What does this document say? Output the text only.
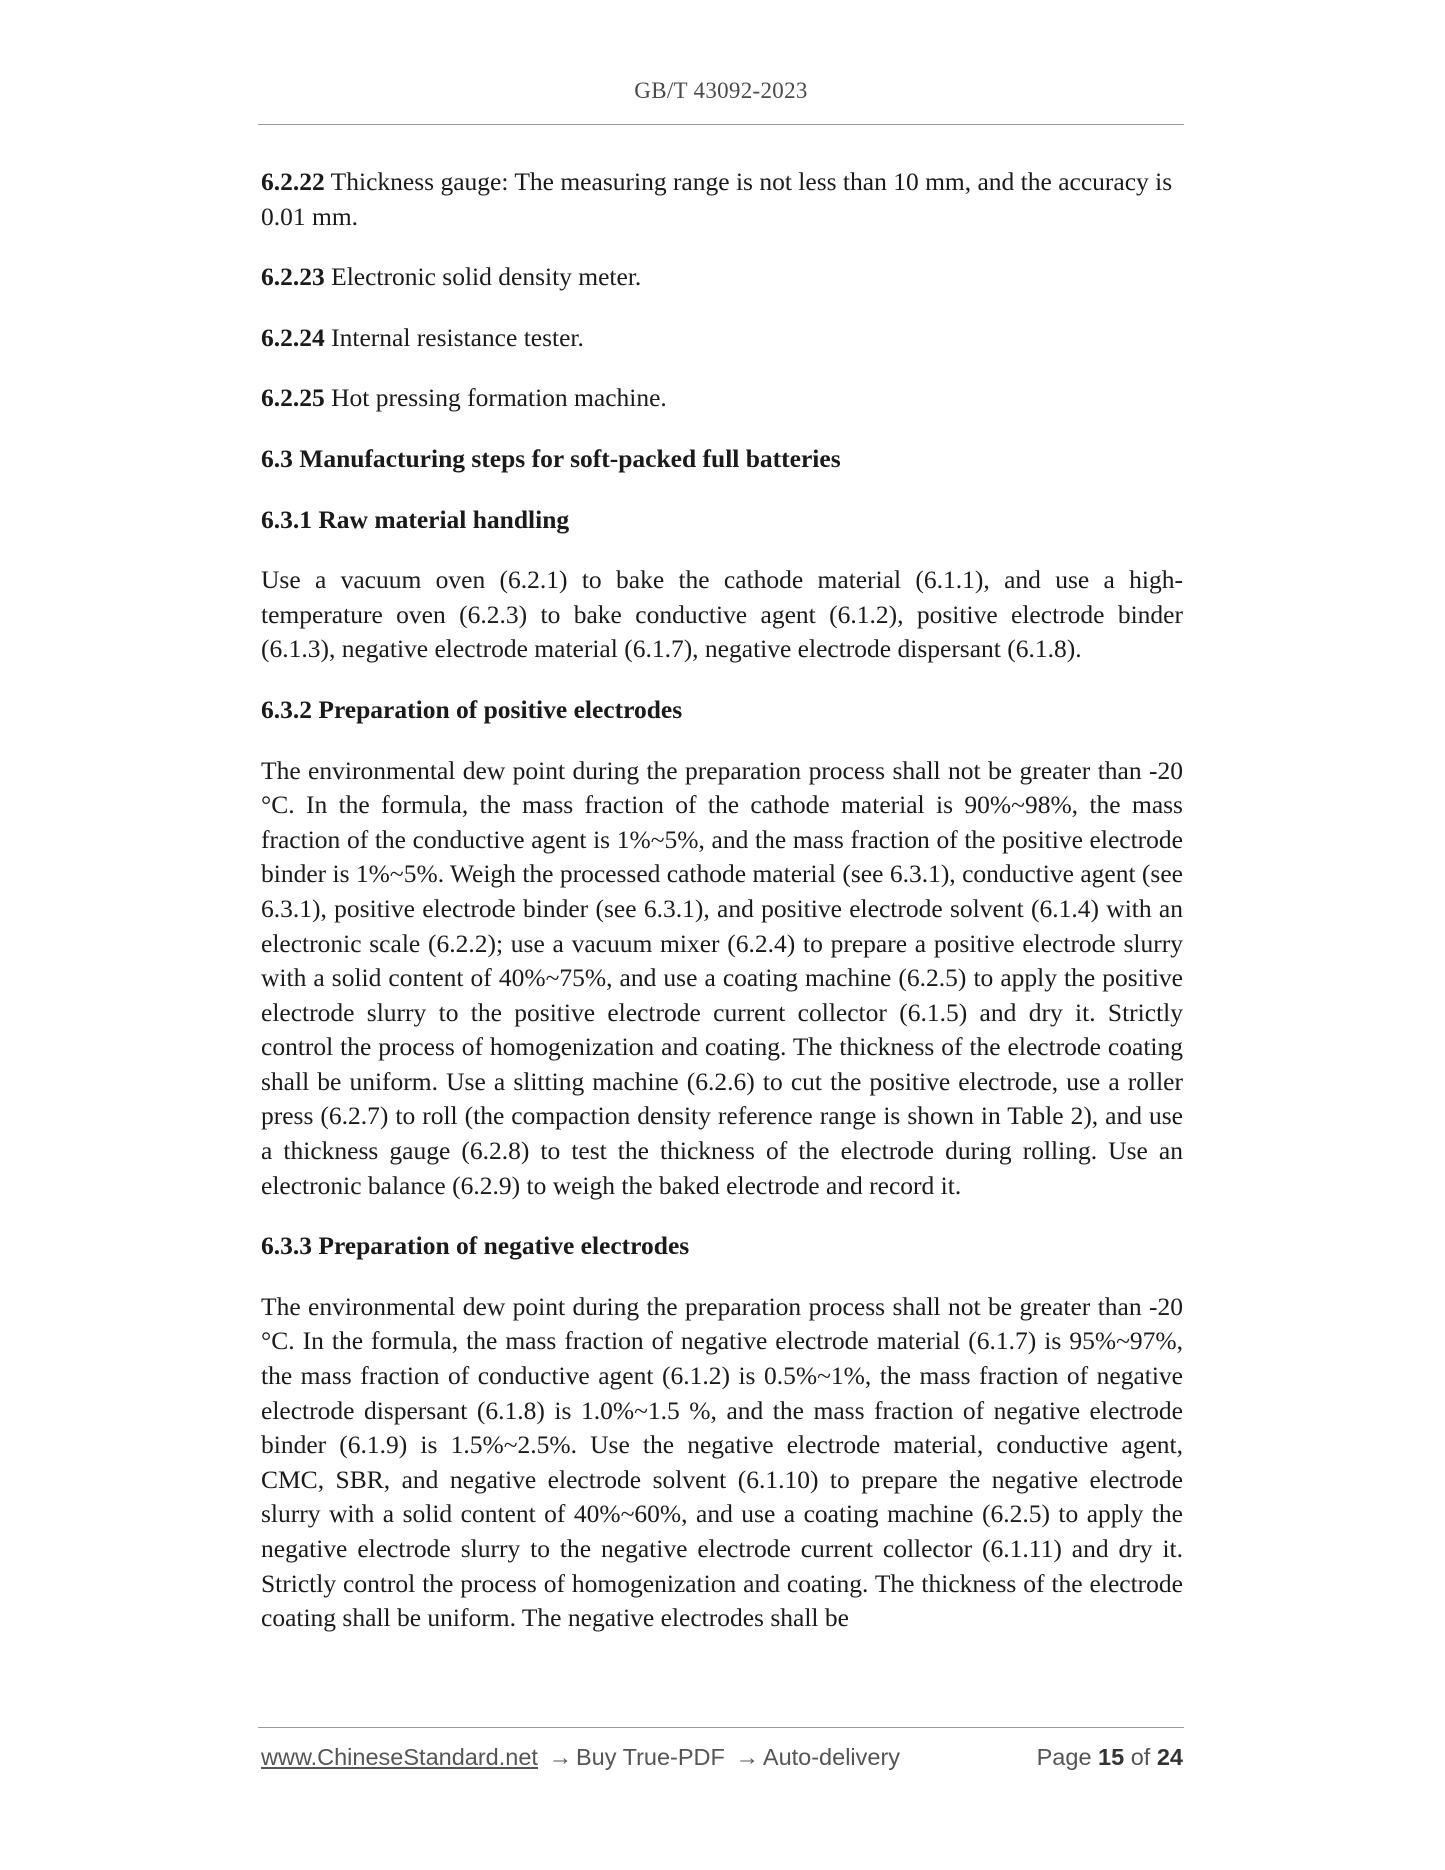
GB/T 43092-2023

6.2.22 Thickness gauge: The measuring range is not less than 10 mm, and the accuracy is 0.01 mm.

6.2.23 Electronic solid density meter.

6.2.24 Internal resistance tester.

6.2.25 Hot pressing formation machine.

6.3 Manufacturing steps for soft-packed full batteries

6.3.1 Raw material handling

Use a vacuum oven (6.2.1) to bake the cathode material (6.1.1), and use a high-temperature oven (6.2.3) to bake conductive agent (6.1.2), positive electrode binder (6.1.3), negative electrode material (6.1.7), negative electrode dispersant (6.1.8).

6.3.2 Preparation of positive electrodes

The environmental dew point during the preparation process shall not be greater than -20 °C. In the formula, the mass fraction of the cathode material is 90%~98%, the mass fraction of the conductive agent is 1%~5%, and the mass fraction of the positive electrode binder is 1%~5%. Weigh the processed cathode material (see 6.3.1), conductive agent (see 6.3.1), positive electrode binder (see 6.3.1), and positive electrode solvent (6.1.4) with an electronic scale (6.2.2); use a vacuum mixer (6.2.4) to prepare a positive electrode slurry with a solid content of 40%~75%, and use a coating machine (6.2.5) to apply the positive electrode slurry to the positive electrode current collector (6.1.5) and dry it. Strictly control the process of homogenization and coating. The thickness of the electrode coating shall be uniform. Use a slitting machine (6.2.6) to cut the positive electrode, use a roller press (6.2.7) to roll (the compaction density reference range is shown in Table 2), and use a thickness gauge (6.2.8) to test the thickness of the electrode during rolling. Use an electronic balance (6.2.9) to weigh the baked electrode and record it.

6.3.3 Preparation of negative electrodes

The environmental dew point during the preparation process shall not be greater than -20 °C. In the formula, the mass fraction of negative electrode material (6.1.7) is 95%~97%, the mass fraction of conductive agent (6.1.2) is 0.5%~1%, the mass fraction of negative electrode dispersant (6.1.8) is 1.0%~1.5 %, and the mass fraction of negative electrode binder (6.1.9) is 1.5%~2.5%. Use the negative electrode material, conductive agent, CMC, SBR, and negative electrode solvent (6.1.10) to prepare the negative electrode slurry with a solid content of 40%~60%, and use a coating machine (6.2.5) to apply the negative electrode slurry to the negative electrode current collector (6.1.11) and dry it. Strictly control the process of homogenization and coating. The thickness of the electrode coating shall be uniform. The negative electrodes shall be

www.ChineseStandard.net → Buy True-PDF → Auto-delivery	Page 15 of 24
